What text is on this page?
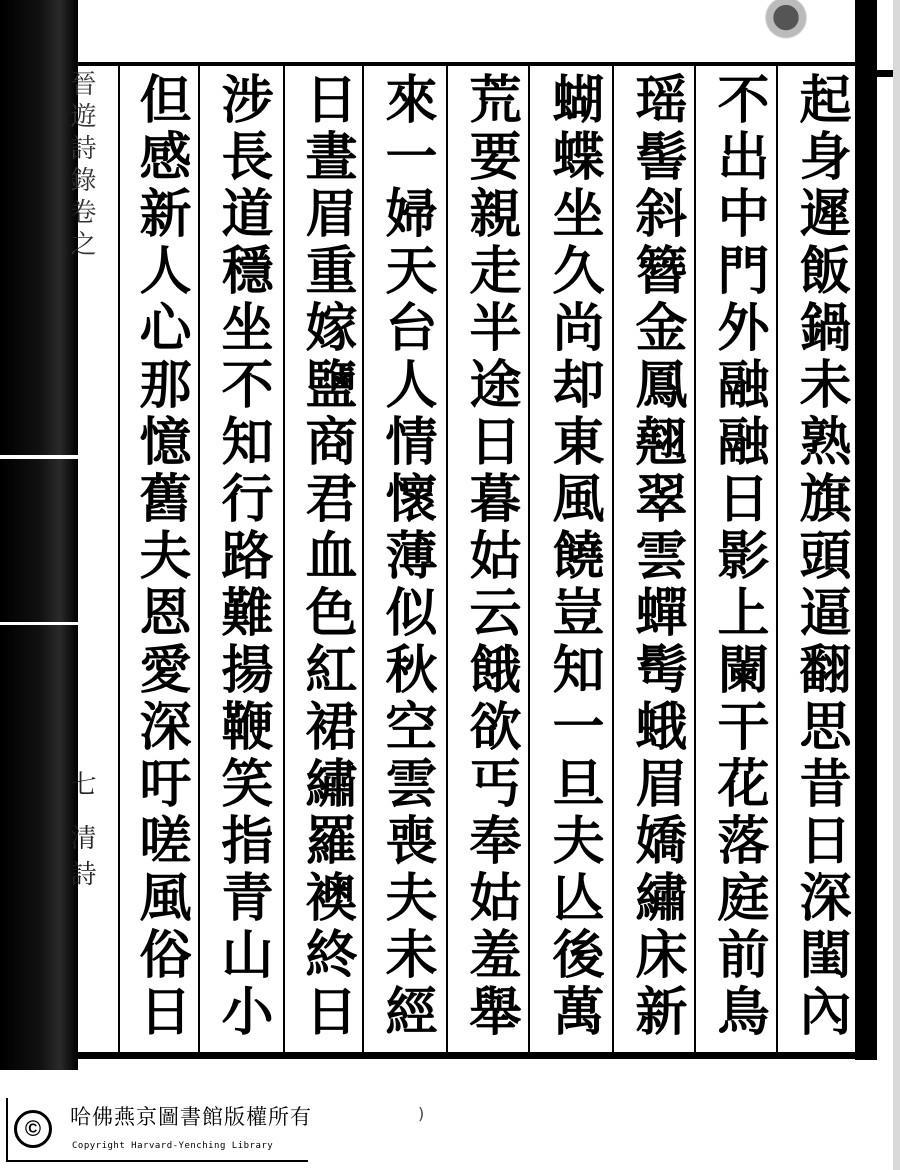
晉遊詩錄卷之
七 清詩
起身遲飯鍋未熟旗頭逼翻思昔日深閨內
不出中門外融融日影上闌干花落庭前鳥
瑶髻斜簪金鳳翹翠雲蟬髩蛾眉嬌繡床新
蝴蝶坐久尚却東風饒豈知一旦夫亾後萬
荒要親走半途日暮姑云餓欲丐奉姑羞舉
來一婦天台人情懷薄似秋空雲喪夫未經
日晝眉重嫁鹽商君血色紅裙繡羅襖終日
涉長道穩坐不知行路難揚鞭笑指青山小
但感新人心那憶舊夫恩愛深吁嗟風俗日
©	哈佛燕京圖書館版權所有
Copyright Harvard-Yenching Library
)
